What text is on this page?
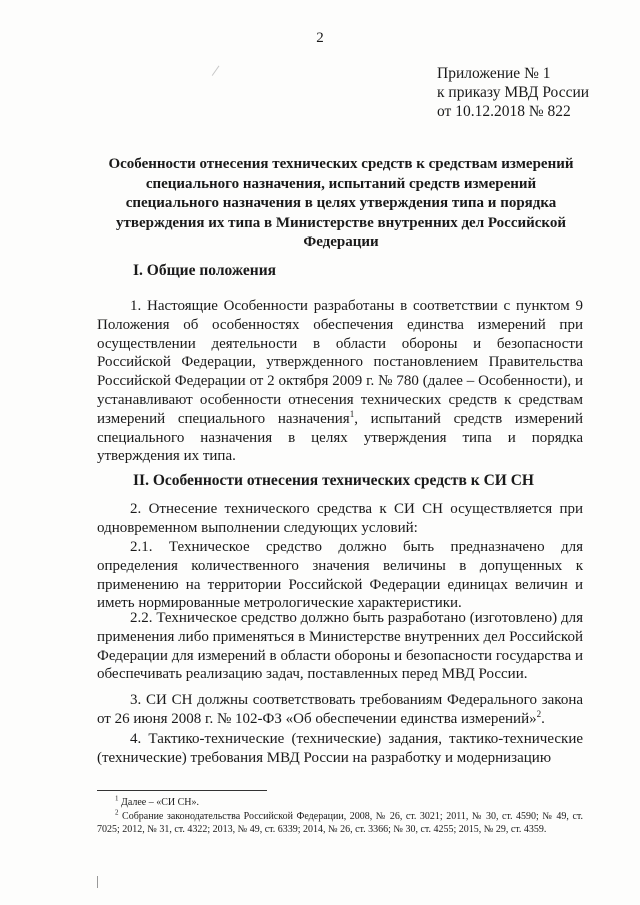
2
Приложение № 1
к приказу МВД России
от 10.12.2018 № 822
Особенности отнесения технических средств к средствам измерений специального назначения, испытаний средств измерений специального назначения в целях утверждения типа и порядка утверждения их типа в Министерстве внутренних дел Российской Федерации
I. Общие положения
1. Настоящие Особенности разработаны в соответствии с пунктом 9 Положения об особенностях обеспечения единства измерений при осуществлении деятельности в области обороны и безопасности Российской Федерации, утвержденного постановлением Правительства Российской Федерации от 2 октября 2009 г. № 780 (далее – Особенности), и устанавливают особенности отнесения технических средств к средствам измерений специального назначения$^1$, испытаний средств измерений специального назначения в целях утверждения типа и порядка утверждения их типа.
II. Особенности отнесения технических средств к СИ СН
2. Отнесение технического средства к СИ СН осуществляется при одновременном выполнении следующих условий:
2.1. Техническое средство должно быть предназначено для определения количественного значения величины в допущенных к применению на территории Российской Федерации единицах величин и иметь нормированные метрологические характеристики.
2.2. Техническое средство должно быть разработано (изготовлено) для применения либо применяться в Министерстве внутренних дел Российской Федерации для измерений в области обороны и безопасности государства и обеспечивать реализацию задач, поставленных перед МВД России.
3. СИ СН должны соответствовать требованиям Федерального закона от 26 июня 2008 г. № 102-ФЗ «Об обеспечении единства измерений»$^2$.
4. Тактико-технические (технические) задания, тактико-технические (технические) требования МВД России на разработку и модернизацию

$^1$ Далее – «СИ СН».

$^2$ Собрание законодательства Российской Федерации, 2008, № 26, ст. 3021; 2011, № 30, ст. 4590; № 49, ст. 7025; 2012, № 31, ст. 4322; 2013, № 49, ст. 6339; 2014, № 26, ст. 3366; № 30, ст. 4255; 2015, № 29, ст. 4359.
